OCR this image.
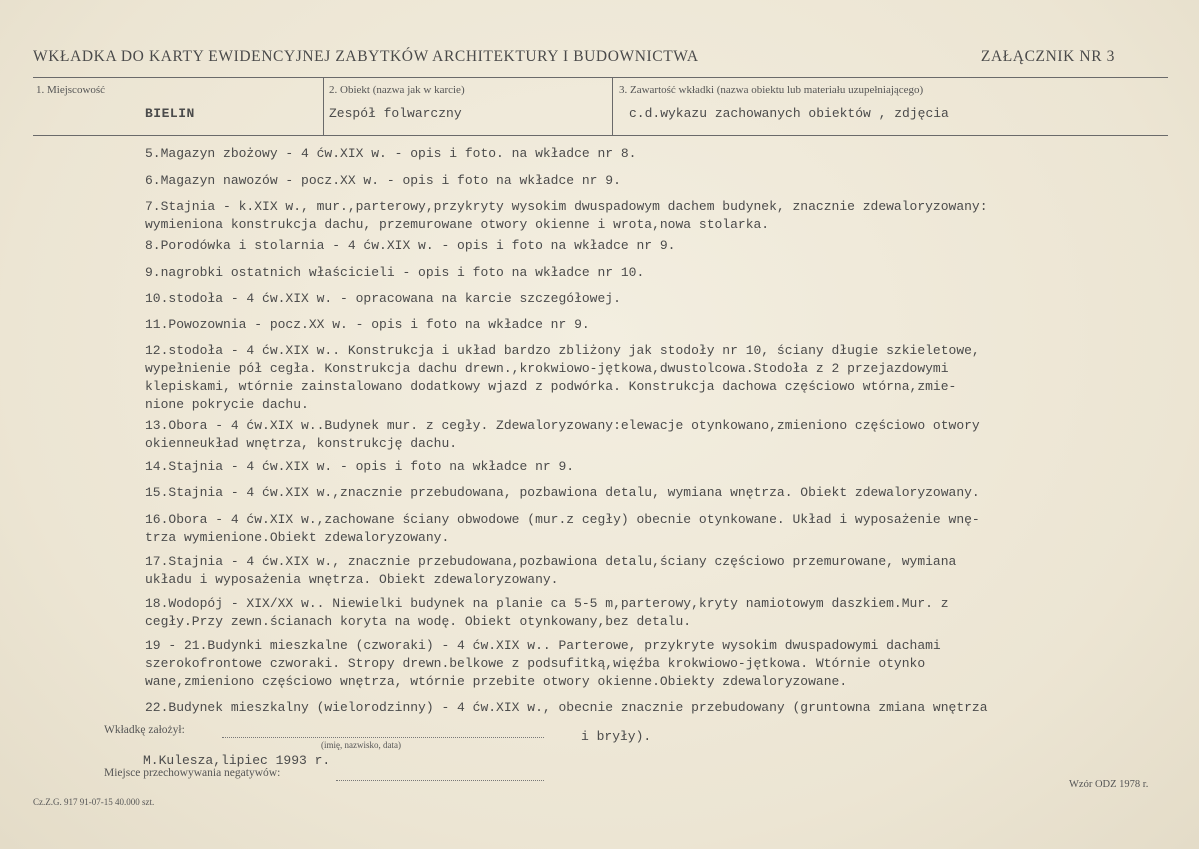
WKŁADKA DO KARTY EWIDENCYJNEJ ZABYTKÓW ARCHITEKTURY I BUDOWNICTWA	ZAŁĄCZNIK NR 3
1. Miejscowość
BIELIN
2. Obiekt (nazwa jak w karcie)
Zespół folwarczny
3. Zawartość wkładki (nazwa obiektu lub materiału uzupełniającego)
c.d.wykazu zachowanych obiektów , zdjęcia
5.Magazyn zbożowy - 4 ćw.XIX w. - opis i foto. na wkładce nr 8.
6.Magazyn nawozów - pocz.XX w. - opis i foto na wkładce nr 9.
7.Stajnia - k.XIX w., mur.,parterowy,przykryty wysokim dwuspadowym dachem budynek, znacznie zdewaloryzowany:
wymieniona konstrukcja dachu, przemurowane otwory okienne i wrota,nowa stolarka.
8.Porodówka i stolarnia - 4 ćw.XIX w. - opis i foto na wkładce nr 9.
9.nagrobki ostatnich właścicieli - opis i foto na wkładce nr 10.
10.stodoła - 4 ćw.XIX w. - opracowana na karcie szczegółowej.
11.Powozownia - pocz.XX w. - opis i foto na wkładce nr 9.
12.stodoła - 4 ćw.XIX w.. Konstrukcja i układ bardzo zbliżony jak stodoły nr 10, ściany długie szkieletowe,
wypełnienie pół cegła. Konstrukcja dachu drewn.,krokwiowo-jętkowa,dwustolcowa.Stodoła z 2 przejazdowymi
klepiskami, wtórnie zainstalowano dodatkowy wjazd z podwórka. Konstrukcja dachowa częściowo wtórna,zmie-
nione pokrycie dachu.
13.Obora - 4 ćw.XIX w..Budynek mur. z cegły. Zdewaloryzowany:elewacje otynkowano,zmieniono częściowo otwory
okienneukład wnętrza, konstrukcję dachu.
14.Stajnia - 4 ćw.XIX w. - opis i foto na wkładce nr 9.
15.Stajnia - 4 ćw.XIX w.,znacznie przebudowana, pozbawiona detalu, wymiana wnętrza. Obiekt zdewaloryzowany.
16.Obora - 4 ćw.XIX w.,zachowane ściany obwodowe (mur.z cegły) obecnie otynkowane. Układ i wyposażenie wnę-
trza wymienione.Obiekt zdewaloryzowany.
17.Stajnia - 4 ćw.XIX w., znacznie przebudowana,pozbawiona detalu,ściany częściowo przemurowane, wymiana
układu i wyposażenia wnętrza. Obiekt zdewaloryzowany.
18.Wodopój - XIX/XX w.. Niewielki budynek na planie ca 5-5 m,parterowy,kryty namiotowym daszkiem.Mur. z
cegły.Przy zewn.ścianach koryta na wodę. Obiekt otynkowany,bez detalu.
19 - 21.Budynki mieszkalne (czworaki) - 4 ćw.XIX w.. Parterowe, przykryte wysokim dwuspadowymi dachami
szerokofrontowe czworaki. Stropy drewn.belkowe z podsufitką,więźba krokwiowo-jętkowa. Wtórnie otynko
wane,zmieniono częściowo wnętrza, wtórnie przebite otwory okienne.Obiekty zdewaloryzowane.
22.Budynek mieszkalny (wielorodzinny) - 4 ćw.XIX w., obecnie znacznie przebudowany (gruntowna zmiana wnętrza
Wkładkę założył:
(imię, nazwisko, data)
i bryły).
M.Kulesza,lipiec 1993 r.
Miejsce przechowywania negatywów:
Cz.Z.G. 917 91-07-15 40.000 szt.
Wzór ODZ 1978 r.
